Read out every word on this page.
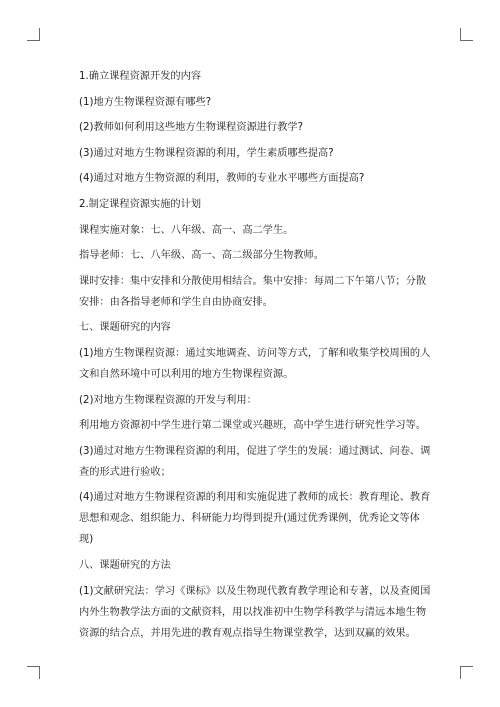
1.确立课程资源开发的内容

(1)地方生物课程资源有哪些?

(2)教师如何利用这些地方生物课程资源进行教学?

(3)通过对地方生物课程资源的利用，学生素质哪些提高?

(4)通过对地方生物资源的利用，教师的专业水平哪些方面提高?

2.制定课程资源实施的计划

课程实施对象：七、八年级、高一、高二学生。

指导老师：七、八年级、高一、高二级部分生物教师。

课时安排：集中安排和分散使用相结合。集中安排：每周二下午第八节；分散安排：由各指导老师和学生自由协商安排。

七、课题研究的内容

(1)地方生物课程资源：通过实地调查、访问等方式，了解和收集学校周围的人文和自然环境中可以利用的地方生物课程资源。

(2)对地方生物课程资源的开发与利用：

利用地方资源初中学生进行第二课堂或兴趣班，高中学生进行研究性学习等。

(3)通过对地方生物课程资源的利用，促进了学生的发展：通过测试、问卷、调查的形式进行验收；

(4)通过对地方生物课程资源的利用和实施促进了教师的成长：教育理论、教育思想和观念、组织能力、科研能力均得到提升(通过优秀课例，优秀论文等体现)

八、课题研究的方法

(1)文献研究法：学习《课标》以及生物现代教育教学理论和专著，以及查阅国内外生物教学法方面的文献资料，用以找准初中生物学科教学与清远本地生物资源的结合点，并用先进的教育观点指导生物课堂教学，达到双赢的效果。
